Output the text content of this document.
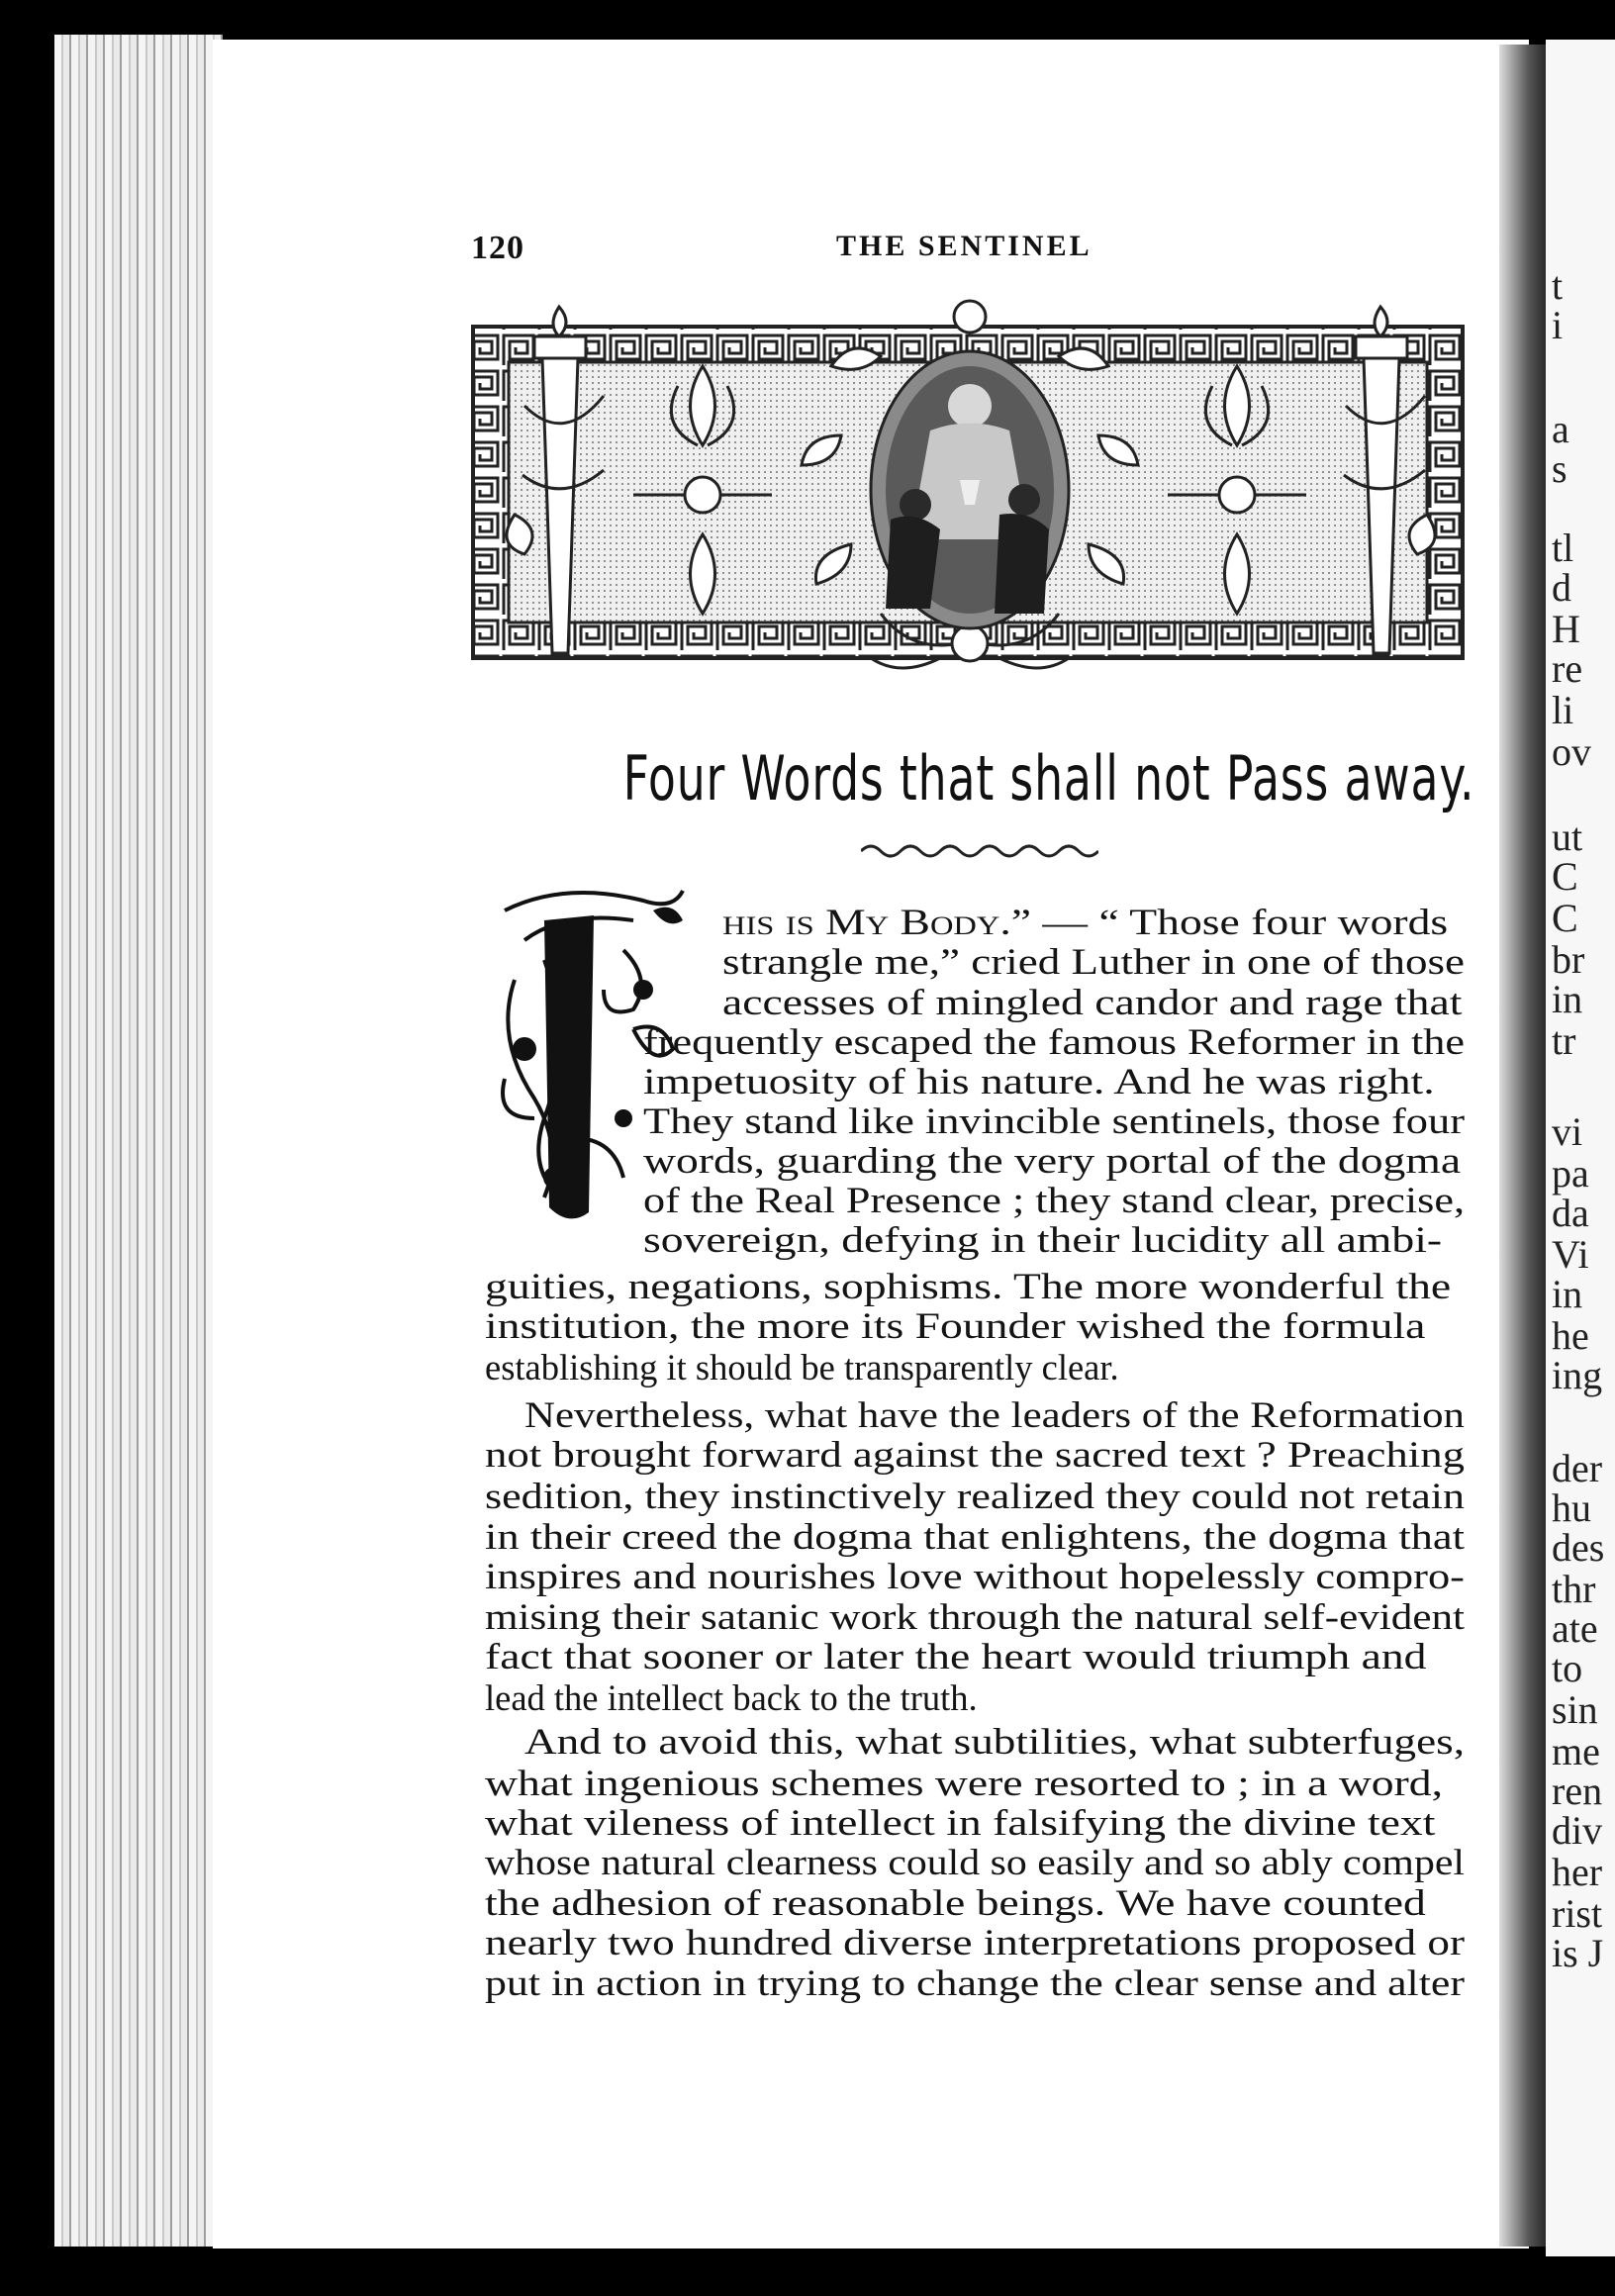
120	THE SENTINEL
Four Words that shall not Pass away.
t
i
a
s
tl
d
H
re
li
ov
ut
C
C
br
in
tr
vi
pa
da
Vi
in
he
ing
der
hu
des
thr
ate
to
sin
me
ren
div
her
rist
is J
his is My Body.” — “ Those four words
strangle me,” cried Luther in one of those
accesses of mingled candor and rage that
frequently escaped the famous Reformer in the
impetuosity of his nature. And he was right.
They stand like invincible sentinels, those four
words, guarding the very portal of the dogma
of the Real Presence ; they stand clear, precise,
sovereign, defying in their lucidity all ambi-
guities, negations, sophisms. The more wonderful the
institution, the more its Founder wished the formula
establishing it should be transparently clear.
Nevertheless, what have the leaders of the Reformation
not brought forward against the sacred text ? Preaching
sedition, they instinctively realized they could not retain
in their creed the dogma that enlightens, the dogma that
inspires and nourishes love without hopelessly compro-
mising their satanic work through the natural self-evident
fact that sooner or later the heart would triumph and
lead the intellect back to the truth.
And to avoid this, what subtilities, what subterfuges,
what ingenious schemes were resorted to ; in a word,
what vileness of intellect in falsifying the divine text
whose natural clearness could so easily and so ably compel
the adhesion of reasonable beings. We have counted
nearly two hundred diverse interpretations proposed or
put in action in trying to change the clear sense and alter
